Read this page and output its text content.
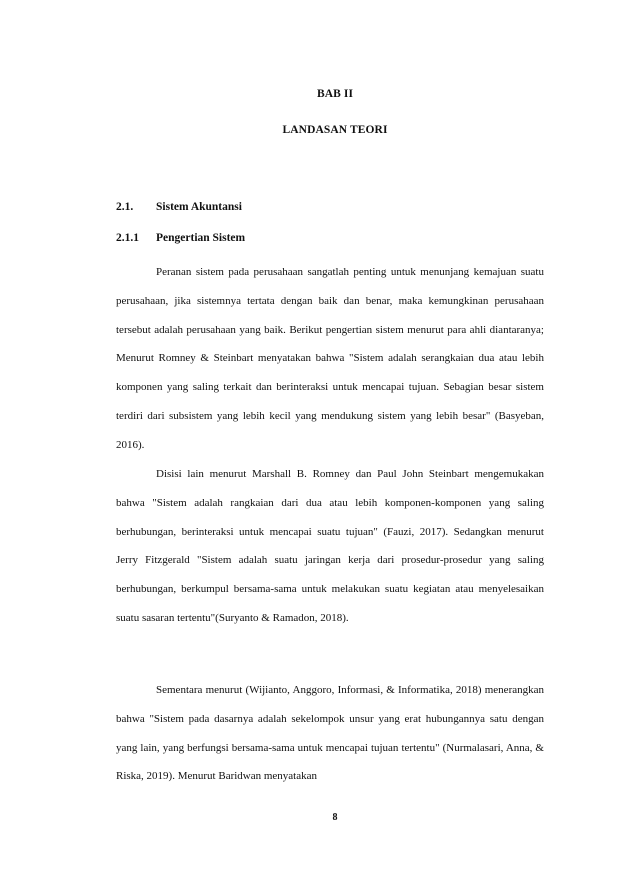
BAB II
LANDASAN TEORI
2.1. Sistem Akuntansi
2.1.1 Pengertian Sistem

Peranan sistem pada perusahaan sangatlah penting untuk menunjang kemajuan suatu perusahaan, jika sistemnya tertata dengan baik dan benar, maka kemungkinan perusahaan tersebut adalah perusahaan yang baik. Berikut pengertian sistem menurut para ahli diantaranya; Menurut Romney & Steinbart menyatakan bahwa "Sistem adalah serangkaian dua atau lebih komponen yang saling terkait dan berinteraksi untuk mencapai tujuan. Sebagian besar sistem terdiri dari subsistem yang lebih kecil yang mendukung sistem yang lebih besar" (Basyeban, 2016).

Disisi lain menurut Marshall B. Romney dan Paul John Steinbart mengemukakan bahwa "Sistem adalah rangkaian dari dua atau lebih komponen-komponen yang saling berhubungan, berinteraksi untuk mencapai suatu tujuan" (Fauzi, 2017). Sedangkan menurut Jerry Fitzgerald "Sistem adalah suatu jaringan kerja dari prosedur-prosedur yang saling berhubungan, berkumpul bersama-sama untuk melakukan suatu kegiatan atau menyelesaikan suatu sasaran tertentu"(Suryanto & Ramadon, 2018).

Sementara menurut (Wijianto, Anggoro, Informasi, & Informatika, 2018) menerangkan bahwa "Sistem pada dasarnya adalah sekelompok unsur yang erat hubungannya satu dengan yang lain, yang berfungsi bersama-sama untuk mencapai tujuan tertentu" (Nurmalasari, Anna, & Riska, 2019). Menurut Baridwan menyatakan

8
